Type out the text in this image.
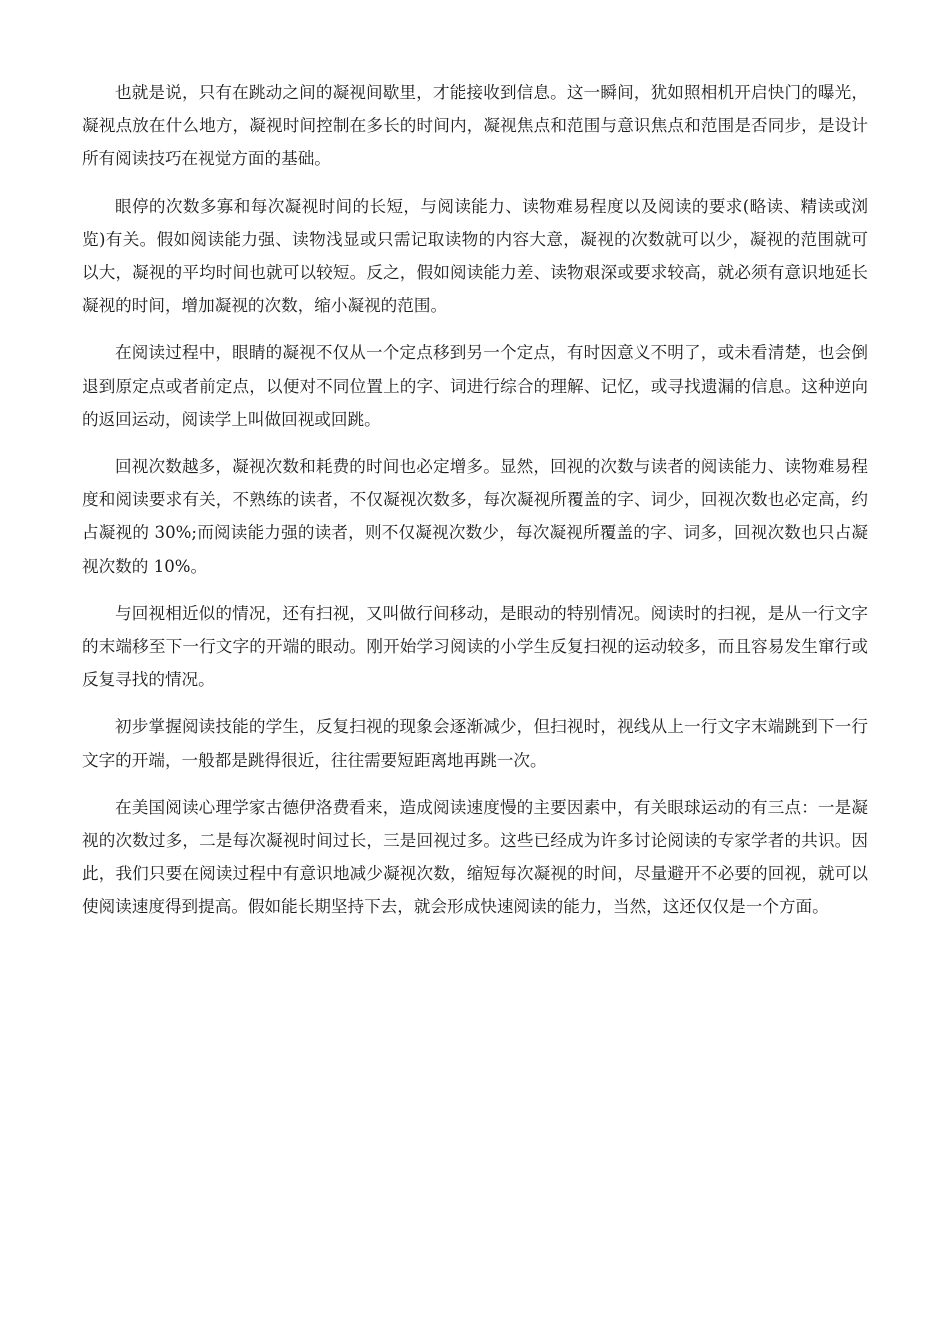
也就是说，只有在跳动之间的凝视间歇里，才能接收到信息。这一瞬间，犹如照相机开启快门的曝光，凝视点放在什么地方，凝视时间控制在多长的时间内，凝视焦点和范围与意识焦点和范围是否同步，是设计所有阅读技巧在视觉方面的基础。

眼停的次数多寡和每次凝视时间的长短，与阅读能力、读物难易程度以及阅读的要求(略读、精读或浏览)有关。假如阅读能力强、读物浅显或只需记取读物的内容大意，凝视的次数就可以少，凝视的范围就可以大，凝视的平均时间也就可以较短。反之，假如阅读能力差、读物艰深或要求较高，就必须有意识地延长凝视的时间，增加凝视的次数，缩小凝视的范围。

在阅读过程中，眼睛的凝视不仅从一个定点移到另一个定点，有时因意义不明了，或未看清楚，也会倒退到原定点或者前定点，以便对不同位置上的字、词进行综合的理解、记忆，或寻找遗漏的信息。这种逆向的返回运动，阅读学上叫做回视或回跳。

回视次数越多，凝视次数和耗费的时间也必定增多。显然，回视的次数与读者的阅读能力、读物难易程度和阅读要求有关，不熟练的读者，不仅凝视次数多，每次凝视所覆盖的字、词少，回视次数也必定高，约占凝视的 30%;而阅读能力强的读者，则不仅凝视次数少，每次凝视所覆盖的字、词多，回视次数也只占凝视次数的 10%。

与回视相近似的情况，还有扫视，又叫做行间移动，是眼动的特别情况。阅读时的扫视，是从一行文字的末端移至下一行文字的开端的眼动。刚开始学习阅读的小学生反复扫视的运动较多，而且容易发生窜行或反复寻找的情况。

初步掌握阅读技能的学生，反复扫视的现象会逐渐减少，但扫视时，视线从上一行文字末端跳到下一行文字的开端，一般都是跳得很近，往往需要短距离地再跳一次。

在美国阅读心理学家古德伊洛费看来，造成阅读速度慢的主要因素中，有关眼球运动的有三点：一是凝视的次数过多，二是每次凝视时间过长，三是回视过多。这些已经成为许多讨论阅读的专家学者的共识。因此，我们只要在阅读过程中有意识地减少凝视次数，缩短每次凝视的时间，尽量避开不必要的回视，就可以使阅读速度得到提高。假如能长期坚持下去，就会形成快速阅读的能力，当然，这还仅仅是一个方面。
